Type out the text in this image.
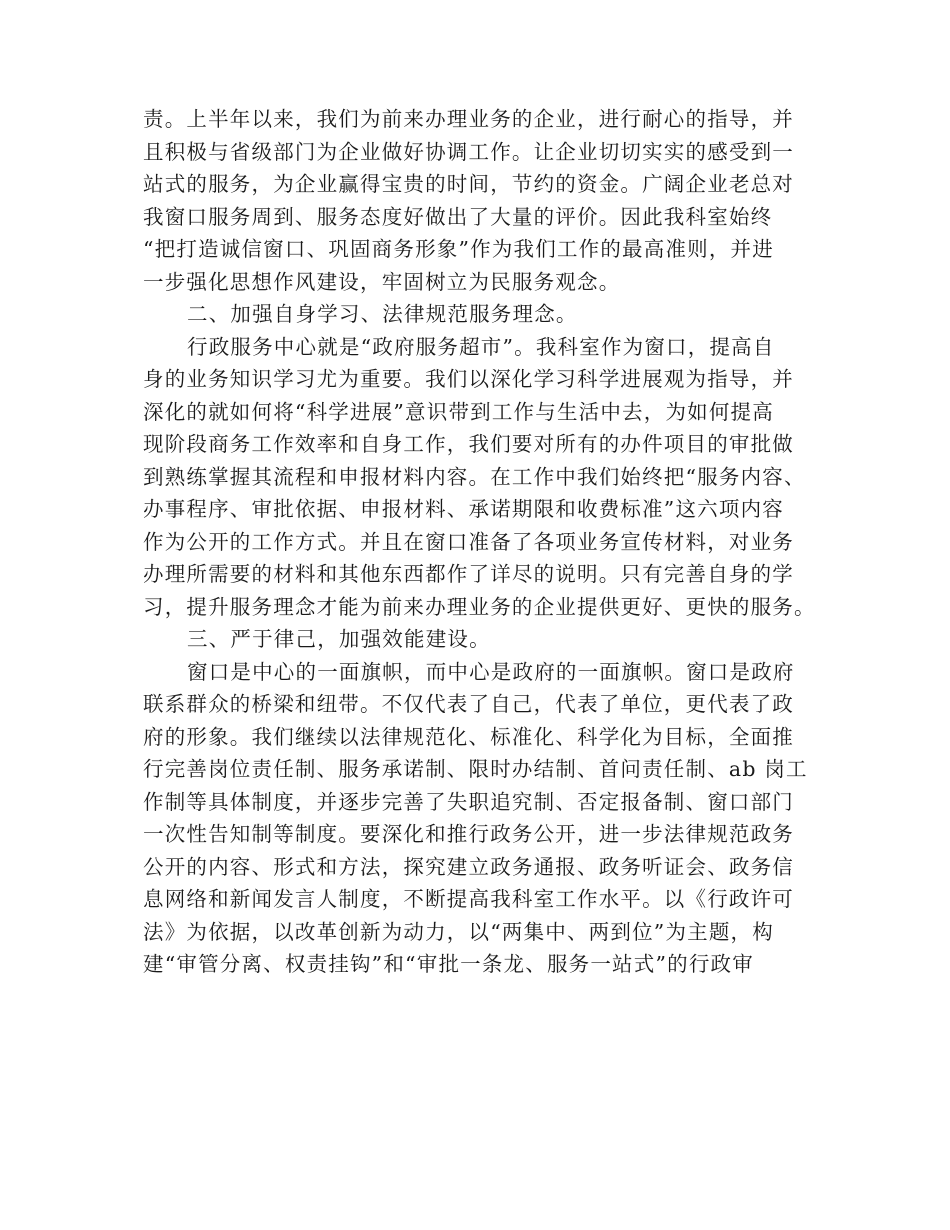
责。上半年以来，我们为前来办理业务的企业，进行耐心的指导，并
且积极与省级部门为企业做好协调工作。让企业切切实实的感受到一
站式的服务，为企业赢得宝贵的时间，节约的资金。广阔企业老总对
我窗口服务周到、服务态度好做出了大量的评价。因此我科室始终
“把打造诚信窗口、巩固商务形象”作为我们工作的最高准则，并进
一步强化思想作风建设，牢固树立为民服务观念。
二、加强自身学习、法律规范服务理念。
行政服务中心就是“政府服务超市”。我科室作为窗口，提高自
身的业务知识学习尤为重要。我们以深化学习科学进展观为指导，并
深化的就如何将“科学进展”意识带到工作与生活中去，为如何提高
现阶段商务工作效率和自身工作，我们要对所有的办件项目的审批做
到熟练掌握其流程和申报材料内容。在工作中我们始终把“服务内容、
办事程序、审批依据、申报材料、承诺期限和收费标准”这六项内容
作为公开的工作方式。并且在窗口准备了各项业务宣传材料，对业务
办理所需要的材料和其他东西都作了详尽的说明。只有完善自身的学
习，提升服务理念才能为前来办理业务的企业提供更好、更快的服务。
三、严于律己，加强效能建设。
窗口是中心的一面旗帜，而中心是政府的一面旗帜。窗口是政府
联系群众的桥梁和纽带。不仅代表了自己，代表了单位，更代表了政
府的形象。我们继续以法律规范化、标准化、科学化为目标，全面推
行完善岗位责任制、服务承诺制、限时办结制、首问责任制、ab 岗工
作制等具体制度，并逐步完善了失职追究制、否定报备制、窗口部门
一次性告知制等制度。要深化和推行政务公开，进一步法律规范政务
公开的内容、形式和方法，探究建立政务通报、政务听证会、政务信
息网络和新闻发言人制度，不断提高我科室工作水平。以《行政许可
法》为依据，以改革创新为动力，以“两集中、两到位”为主题，构
建“审管分离、权责挂钩”和“审批一条龙、服务一站式”的行政审
